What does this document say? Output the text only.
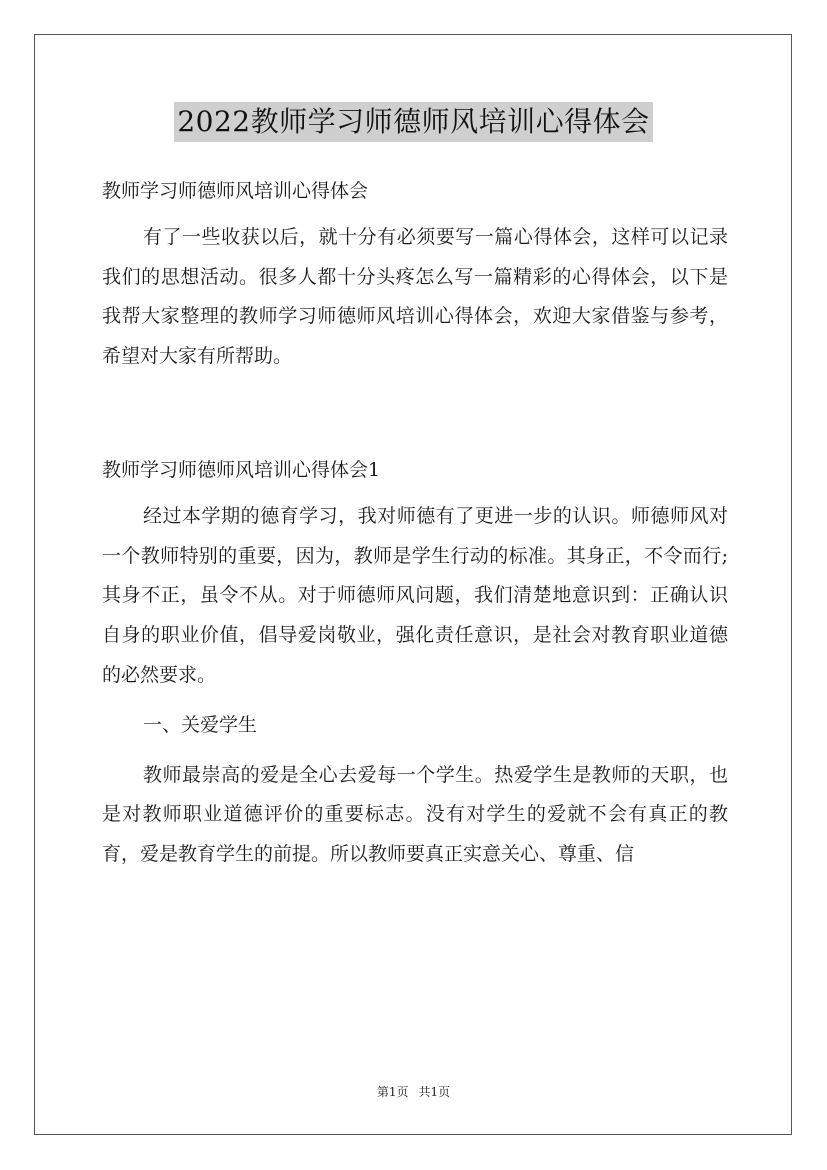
2022教师学习师德师风培训心得体会

教师学习师德师风培训心得体会

有了一些收获以后，就十分有必须要写一篇心得体会，这样可以记录我们的思想活动。很多人都十分头疼怎么写一篇精彩的心得体会，以下是我帮大家整理的教师学习师德师风培训心得体会，欢迎大家借鉴与参考，希望对大家有所帮助。

教师学习师德师风培训心得体会1

经过本学期的德育学习，我对师德有了更进一步的认识。师德师风对一个教师特别的重要，因为，教师是学生行动的标准。其身正，不令而行;其身不正，虽令不从。对于师德师风问题，我们清楚地意识到：正确认识自身的职业价值，倡导爱岗敬业，强化责任意识，是社会对教育职业道德的必然要求。

一、关爱学生

教师最崇高的爱是全心去爱每一个学生。热爱学生是教师的天职，也是对教师职业道德评价的重要标志。没有对学生的爱就不会有真正的教育，爱是教育学生的前提。所以教师要真正实意关心、尊重、信

第1页 共1页
